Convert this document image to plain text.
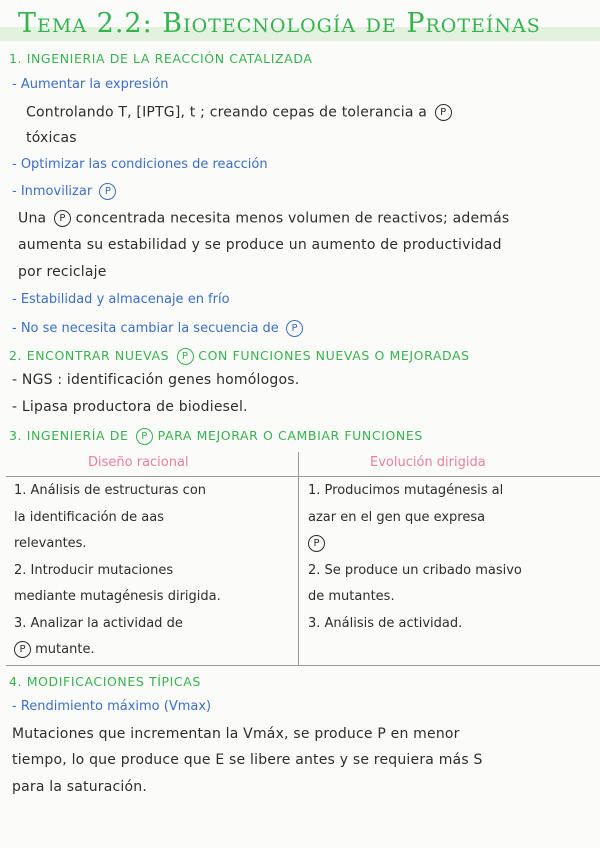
Tema 2.2: Biotecnología de Proteínas
1. INGENIERIA DE LA REACCIÓN CATALIZADA
- Aumentar la expresión
Controlando T, [IPTG], t ; creando cepas de tolerancia a P
tóxicas
- Optimizar las condiciones de reacción
- Inmovilizar P
Una P concentrada necesita menos volumen de reactivos; además
aumenta su estabilidad y se produce un aumento de productividad
por reciclaje
- Estabilidad y almacenaje en frío
- No se necesita cambiar la secuencia de P
2. ENCONTRAR NUEVAS P CON FUNCIONES NUEVAS O MEJORADAS
- NGS : identificación genes homólogos.
- Lipasa productora de biodiesel.
3. INGENIERÍA DE P PARA MEJORAR O CAMBIAR FUNCIONES
Diseño racional	Evolución dirigida
1. Análisis de estructuras con
la identificación de aas
relevantes.
2. Introducir mutaciones
mediante mutagénesis dirigida.
3. Analizar la actividad de
P mutante.
1. Producimos mutagénesis al
azar en el gen que expresa
P
2. Se produce un cribado masivo
de mutantes.
3. Análisis de actividad.
4. MODIFICACIONES TÍPICAS
- Rendimiento máximo (Vmax)
Mutaciones que incrementan la Vmáx, se produce P en menor
tiempo, lo que produce que E se libere antes y se requiera más S
para la saturación.
